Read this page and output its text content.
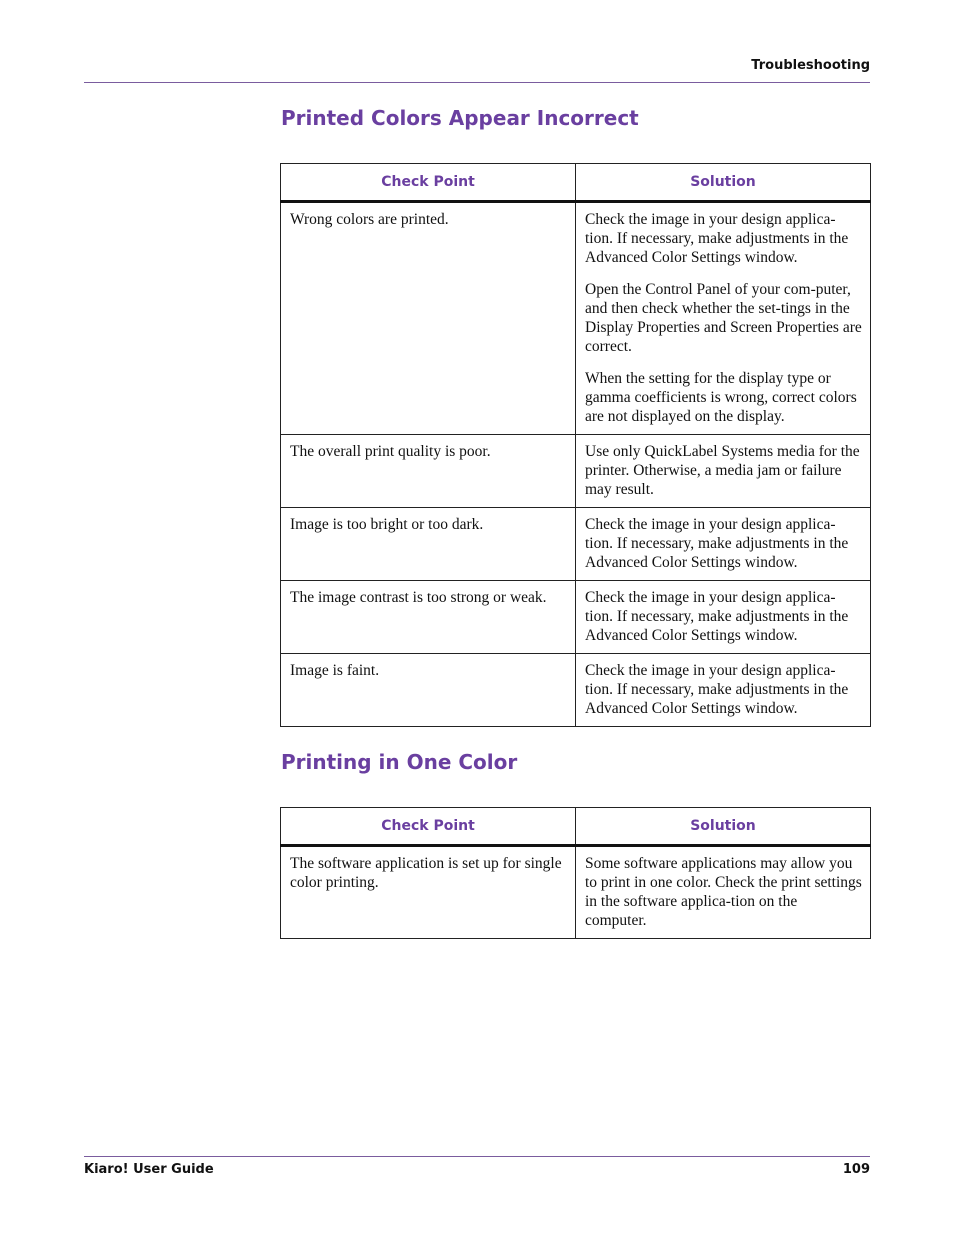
Troubleshooting
Printed Colors Appear Incorrect
Check Point	Solution
Wrong colors are printed.	Check the image in your design applica-tion. If necessary, make adjustments in the Advanced Color Settings window.

Open the Control Panel of your com-puter, and then check whether the set-tings in the Display Properties and Screen Properties are correct.

When the setting for the display type or gamma coefficients is wrong, correct colors are not displayed on the display.

The overall print quality is poor.	Use only QuickLabel Systems media for the printer. Otherwise, a media jam or failure may result.

Image is too bright or too dark.	Check the image in your design applica-tion. If necessary, make adjustments in the Advanced Color Settings window.

The image contrast is too strong or weak.	Check the image in your design applica-tion. If necessary, make adjustments in the Advanced Color Settings window.

Image is faint.	Check the image in your design applica-tion. If necessary, make adjustments in the Advanced Color Settings window.

Printing in One Color
Check Point	Solution
The software application is set up for single color printing.	Some software applications may allow you to print in one color. Check the print settings in the software applica-tion on the computer.

Kiaro! User Guide	109
